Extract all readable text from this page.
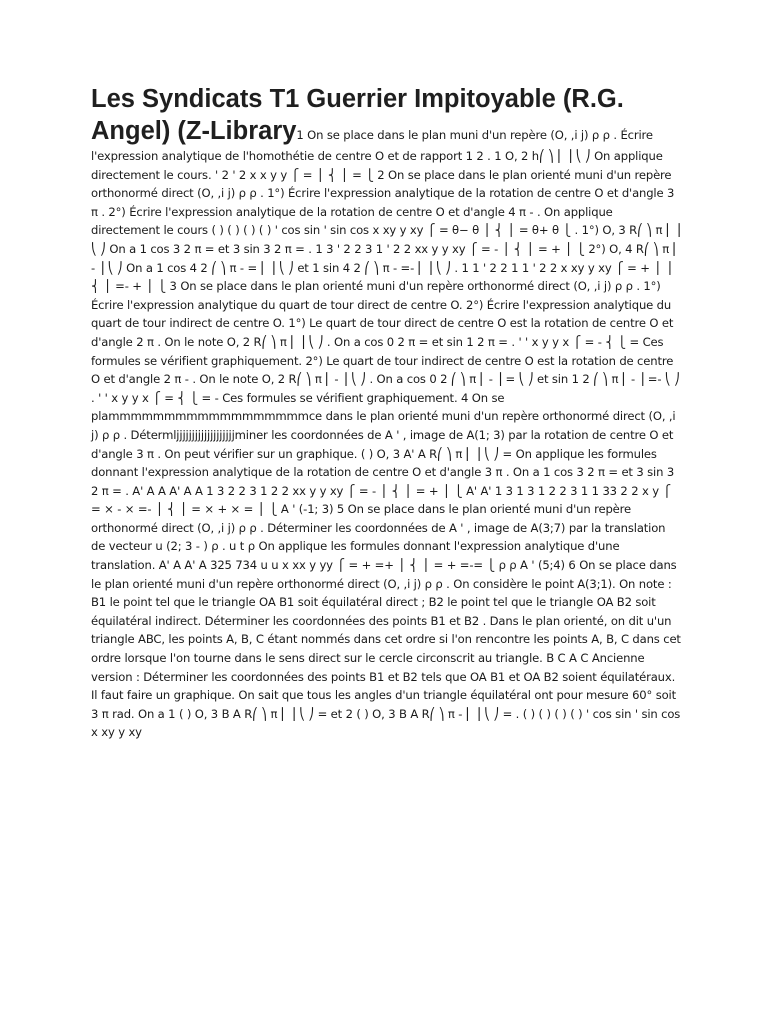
Les Syndicats T1 Guerrier Impitoyable (R.G. Angel) (Z-Library1 On se place dans le plan muni d'un repère (O, ,i j) ρ ρ . Écrire l'expression analytique de l'homothétie de centre O et de rapport 1 2 . 1 O, 2 h⎛ ⎞ ⎜ ⎟ ⎝ ⎠ On applique directement le cours. ' 2 ' 2 x x y y ⎧ = ⎪ ⎨ ⎪ = ⎩ 2 On se place dans le plan orienté muni d'un repère orthonormé direct (O, ,i j) ρ ρ . 1°) Écrire l'expression analytique de la rotation de centre O et d'angle 3 π . 2°) Écrire l'expression analytique de la rotation de centre O et d'angle 4 π - . On applique directement le cours ( ) ( ) ( ) ( ) ' cos sin ' sin cos x xy y xy ⎧ = θ− θ ⎪ ⎨ ⎪ = θ+ θ ⎩ . 1°) O, 3 R⎛ ⎞ π ⎜ ⎟ ⎝ ⎠ On a 1 cos 3 2 π = et 3 sin 3 2 π = . 1 3 ' 2 2 3 1 ' 2 2 xx y y xy ⎧ = - ⎪ ⎨ ⎪ = + ⎪ ⎩ 2°) O, 4 R⎛ ⎞ π ⎜ - ⎟ ⎝ ⎠ On a 1 cos 4 2 ⎛ ⎞ π - = ⎜ ⎟ ⎝ ⎠ et 1 sin 4 2 ⎛ ⎞ π - =- ⎜ ⎟ ⎝ ⎠ . 1 1 ' 2 2 1 1 ' 2 2 x xy y xy ⎧ = + ⎪ ⎪ ⎨ ⎪ =- + ⎪ ⎩ 3 On se place dans le plan orienté muni d'un repère orthonormé direct (O, ,i j) ρ ρ . 1°) Écrire l'expression analytique du quart de tour direct de centre O. 2°) Écrire l'expression analytique du quart de tour indirect de centre O. 1°) Le quart de tour direct de centre O est la rotation de centre O et d'angle 2 π . On le note O, 2 R⎛ ⎞ π ⎜ ⎟ ⎝ ⎠ . On a cos 0 2 π = et sin 1 2 π = . ' ' x y y x ⎧ = - ⎨ ⎩ = Ces formules se vérifient graphiquement. 2°) Le quart de tour indirect de centre O est la rotation de centre O et d'angle 2 π - . On le note O, 2 R⎛ ⎞ π ⎜ - ⎟ ⎝ ⎠ . On a cos 0 2 ⎛ ⎞ π ⎜ - ⎟ = ⎝ ⎠ et sin 1 2 ⎛ ⎞ π ⎜ - ⎟ =- ⎝ ⎠ . ' ' x y y x ⎧ = ⎨ ⎩ = - Ces formules se vérifient graphiquement. 4 On se plammmmmmmmmmmmmmmmmmce dans le plan orienté muni d'un repère orthonormé direct (O, ,i j) ρ ρ . Détermljjjjjjjjjjjjjjjjjjjminer les coordonnées de A ' , image de A(1; 3) par la rotation de centre O et d'angle 3 π . On peut vérifier sur un graphique. ( ) O, 3 A' A R⎛ ⎞ π ⎜ ⎟ ⎝ ⎠ = On applique les formules donnant l'expression analytique de la rotation de centre O et d'angle 3 π . On a 1 cos 3 2 π = et 3 sin 3 2 π = . A' A A A' A A 1 3 2 2 3 1 2 2 xx y y xy ⎧ = - ⎪ ⎨ ⎪ = + ⎪ ⎩ A' A' 1 3 1 3 1 2 2 3 1 1 33 2 2 x y ⎧ = × - × =- ⎪ ⎨ ⎪ = × + × = ⎪ ⎩ A ' (-1; 3) 5 On se place dans le plan orienté muni d'un repère orthonormé direct (O, ,i j) ρ ρ . Déterminer les coordonnées de A ' , image de A(3;7) par la translation de vecteur u (2; 3 - ) ρ . u t ρ On applique les formules donnant l'expression analytique d'une translation. A' A A' A 325 734 u u x xx y yy ⎧ = + =+ ⎪ ⎨ ⎪ = + =-= ⎩ ρ ρ A ' (5;4) 6 On se place dans le plan orienté muni d'un repère orthonormé direct (O, ,i j) ρ ρ . On considère le point A(3;1). On note : B1 le point tel que le triangle OA B1 soit équilatéral direct ; B2 le point tel que le triangle OA B2 soit équilatéral indirect. Déterminer les coordonnées des points B1 et B2 . Dans le plan orienté, on dit u'un triangle ABC, les points A, B, C étant nommés dans cet ordre si l'on rencontre les points A, B, C dans cet ordre lorsque l'on tourne dans le sens direct sur le cercle circonscrit au triangle. B C A C Ancienne version : Déterminer les coordonnées des points B1 et B2 tels que OA B1 et OA B2 soient équilatéraux. Il faut faire un graphique. On sait que tous les angles d'un triangle équilatéral ont pour mesure 60° soit 3 π rad. On a 1 ( ) O, 3 B A R⎛ ⎞ π ⎜ ⎟ ⎝ ⎠ = et 2 ( ) O, 3 B A R⎛ ⎞ π - ⎜ ⎟ ⎝ ⎠ = . ( ) ( ) ( ) ( ) ' cos sin ' sin cos x xy y xy
